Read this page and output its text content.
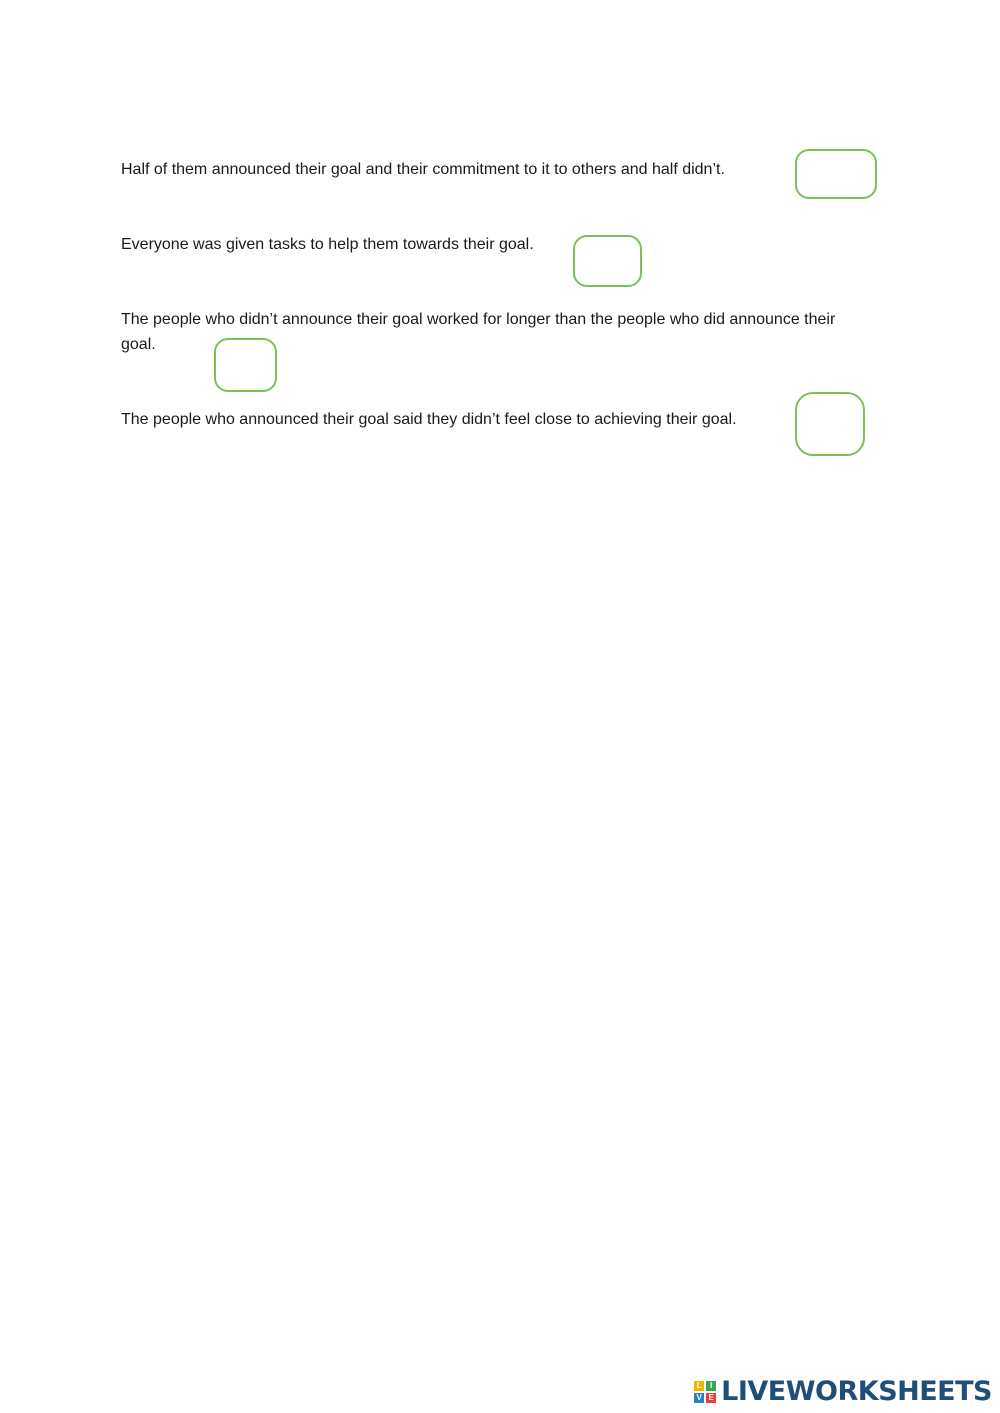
Half of them announced their goal and their commitment to it to others and half didn’t.
Everyone was given tasks to help them towards their goal.
The people who didn’t announce their goal worked for longer than the people who did announce their goal.
The people who announced their goal said they didn’t feel close to achieving their goal.
L	I
V E LIVEWORKSHEETS
